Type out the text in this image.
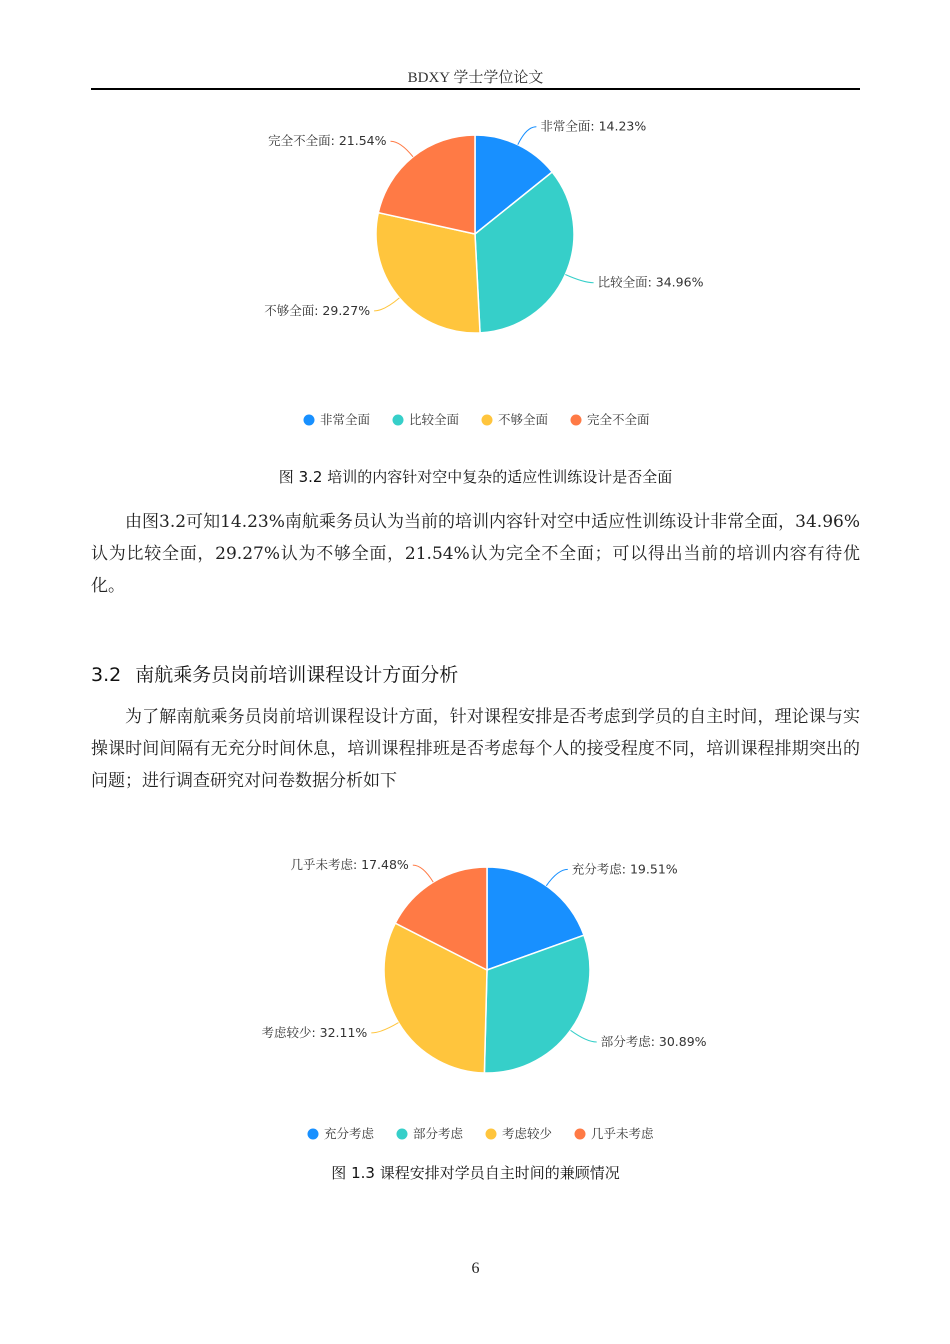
BDXY 学士学位论文
非常全面: 14.23%
比较全面: 34.96%
不够全面: 29.27%
完全不全面: 21.54%
非常全面	比较全面	不够全面	完全不全面
图 3.2 培训的内容针对空中复杂的适应性训练设计是否全面

由图3.2可知14.23%南航乘务员认为当前的培训内容针对空中适应性训练设计非常全面，34.96%认为比较全面，29.27%认为不够全面，21.54%认为完全不全面；可以得出当前的培训内容有待优化。

3.2 南航乘务员岗前培训课程设计方面分析

为了解南航乘务员岗前培训课程设计方面，针对课程安排是否考虑到学员的自主时间，理论课与实操课时间间隔有无充分时间休息，培训课程排班是否考虑每个人的接受程度不同，培训课程排期突出的问题；进行调查研究对问卷数据分析如下

充分考虑: 19.51%
部分考虑: 30.89%
考虑较少: 32.11%
几乎未考虑: 17.48%
充分考虑	部分考虑	考虑较少	几乎未考虑
图 1.3 课程安排对学员自主时间的兼顾情况
6
